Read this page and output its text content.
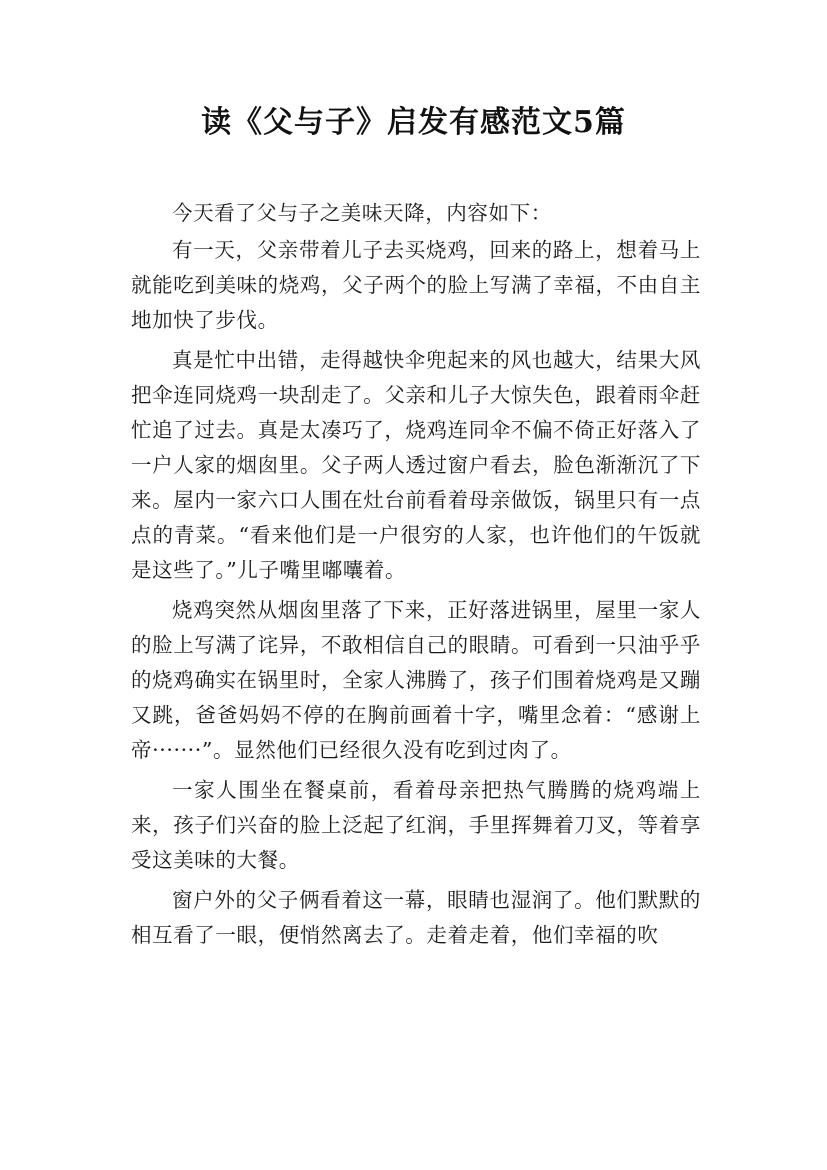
读《父与子》启发有感范文5篇

今天看了父与子之美味天降，内容如下：

有一天，父亲带着儿子去买烧鸡，回来的路上，想着马上就能吃到美味的烧鸡，父子两个的脸上写满了幸福，不由自主地加快了步伐。

真是忙中出错，走得越快伞兜起来的风也越大，结果大风把伞连同烧鸡一块刮走了。父亲和儿子大惊失色，跟着雨伞赶忙追了过去。真是太凑巧了，烧鸡连同伞不偏不倚正好落入了一户人家的烟囱里。父子两人透过窗户看去，脸色渐渐沉了下来。屋内一家六口人围在灶台前看着母亲做饭，锅里只有一点点的青菜。“看来他们是一户很穷的人家，也许他们的午饭就是这些了。”儿子嘴里嘟囔着。

烧鸡突然从烟囱里落了下来，正好落进锅里，屋里一家人的脸上写满了诧异，不敢相信自己的眼睛。可看到一只油乎乎的烧鸡确实在锅里时，全家人沸腾了，孩子们围着烧鸡是又蹦又跳，爸爸妈妈不停的在胸前画着十字，嘴里念着：“感谢上帝·······”。显然他们已经很久没有吃到过肉了。

一家人围坐在餐桌前，看着母亲把热气腾腾的烧鸡端上来，孩子们兴奋的脸上泛起了红润，手里挥舞着刀叉，等着享受这美味的大餐。

窗户外的父子俩看着这一幕，眼睛也湿润了。他们默默的相互看了一眼，便悄然离去了。走着走着，他们幸福的吹
